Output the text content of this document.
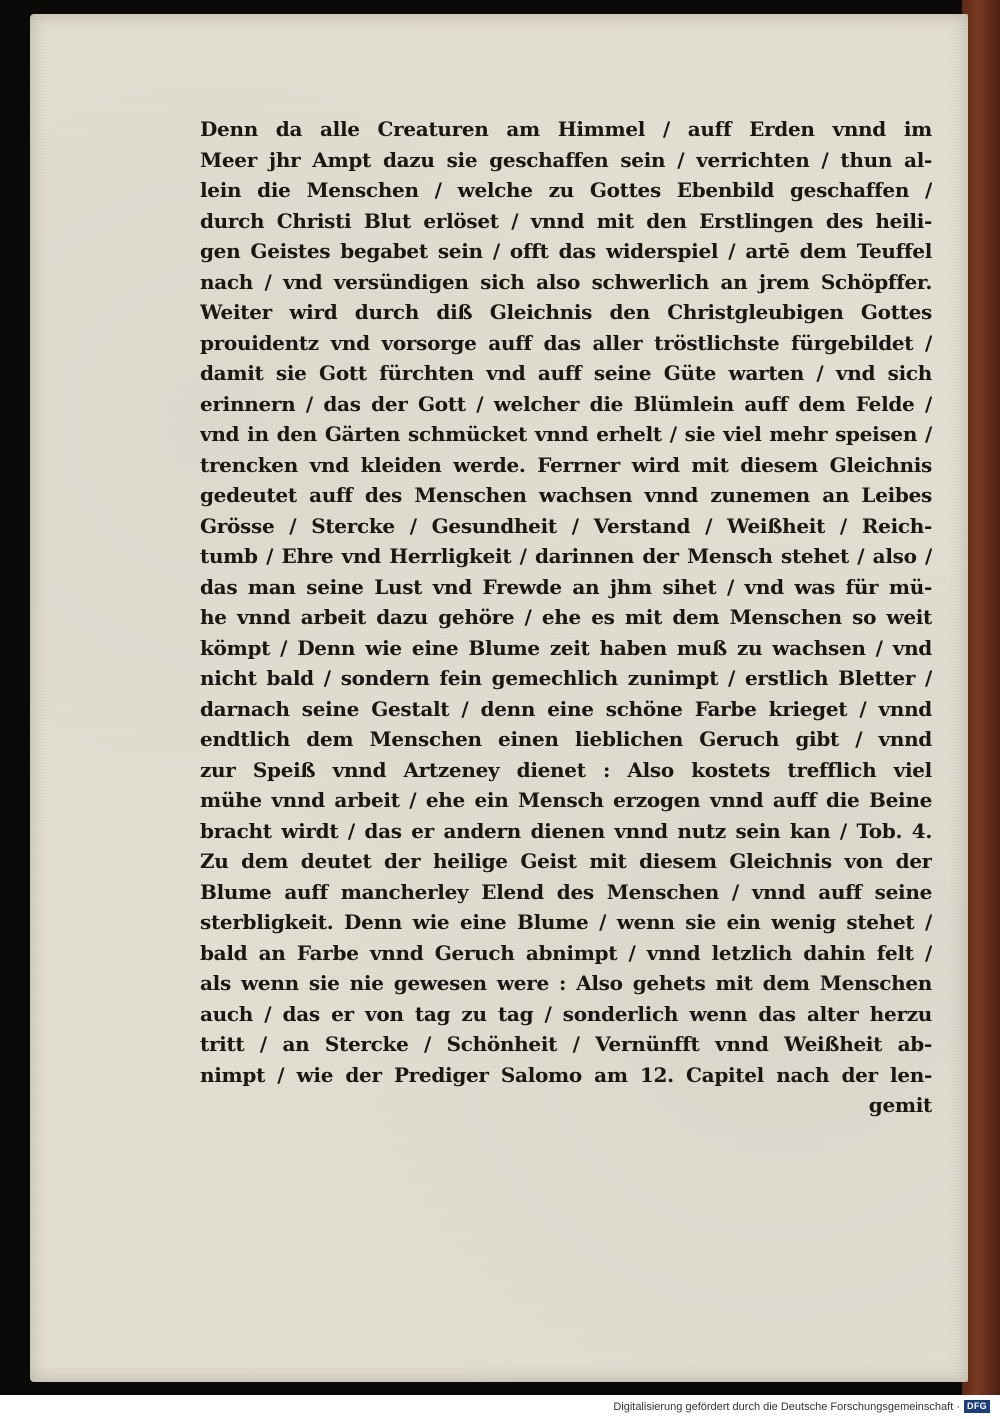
Denn da alle Creaturen am Himmel / auff Erden vnnd im
Meer jhr Ampt dazu sie geschaffen sein / verrichten / thun al-
lein die Menschen / welche zu Gottes Ebenbild geschaffen /
durch Christi Blut erlöset / vnnd mit den Erstlingen des heili-
gen Geistes begabet sein / offt das widerspiel / artē dem Teuffel
nach / vnd versündigen sich also schwerlich an jrem Schöpffer.
Weiter wird durch diß Gleichnis den Christgleubigen Gottes
prouidentz vnd vorsorge auff das aller tröstlichste fürgebildet /
damit sie Gott fürchten vnd auff seine Güte warten / vnd sich
erinnern / das der Gott / welcher die Blümlein auff dem Felde /
vnd in den Gärten schmücket vnnd erhelt / sie viel mehr speisen /
trencken vnd kleiden werde. Ferrner wird mit diesem Gleichnis
gedeutet auff des Menschen wachsen vnnd zunemen an Leibes
Grösse / Stercke / Gesundheit / Verstand / Weißheit / Reich-
tumb / Ehre vnd Herrligkeit / darinnen der Mensch stehet / also /
das man seine Lust vnd Frewde an jhm sihet / vnd was für mü-
he vnnd arbeit dazu gehöre / ehe es mit dem Menschen so weit
kömpt / Denn wie eine Blume zeit haben muß zu wachsen / vnd
nicht bald / sondern fein gemechlich zunimpt / erstlich Bletter /
darnach seine Gestalt / denn eine schöne Farbe krieget / vnnd
endtlich dem Menschen einen lieblichen Geruch gibt / vnnd
zur Speiß vnnd Artzeney dienet : Also kostets trefflich viel
mühe vnnd arbeit / ehe ein Mensch erzogen vnnd auff die Beine
bracht wirdt / das er andern dienen vnnd nutz sein kan / Tob. 4.
Zu dem deutet der heilige Geist mit diesem Gleichnis von der
Blume auff mancherley Elend des Menschen / vnnd auff seine
sterbligkeit. Denn wie eine Blume / wenn sie ein wenig stehet /
bald an Farbe vnnd Geruch abnimpt / vnnd letzlich dahin felt /
als wenn sie nie gewesen were : Also gehets mit dem Menschen
auch / das er von tag zu tag / sonderlich wenn das alter herzu
tritt / an Stercke / Schönheit / Vernünfft vnnd Weißheit ab-
nimpt / wie der Prediger Salomo am 12. Capitel nach der len-
gemit
Digitalisierung gefördert durch die Deutsche Forschungsgemeinschaft · DFG
